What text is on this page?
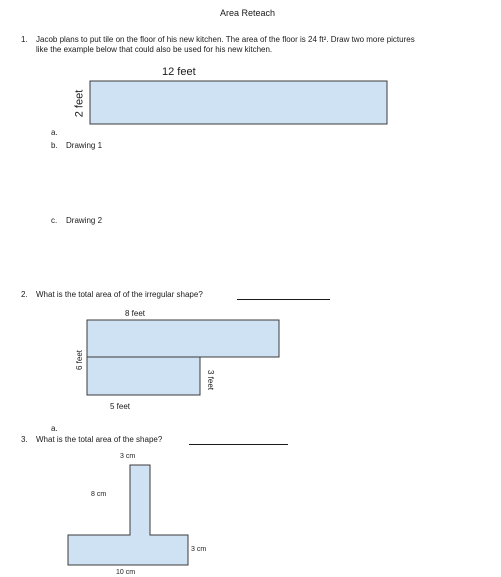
Area Reteach
1. Jacob plans to put tile on the floor of his new kitchen. The area of the floor is 24 ft². Draw two more pictures
like the example below that could also be used for his new kitchen.
12 feet
2 feet
a.
b. Drawing 1
c. Drawing 2
2. What is the total area of of the irregular shape?
8 feet
6 feet
3 feet
5 feet
a.
3. What is the total area of the shape?
3 cm
8 cm
3 cm
10 cm
